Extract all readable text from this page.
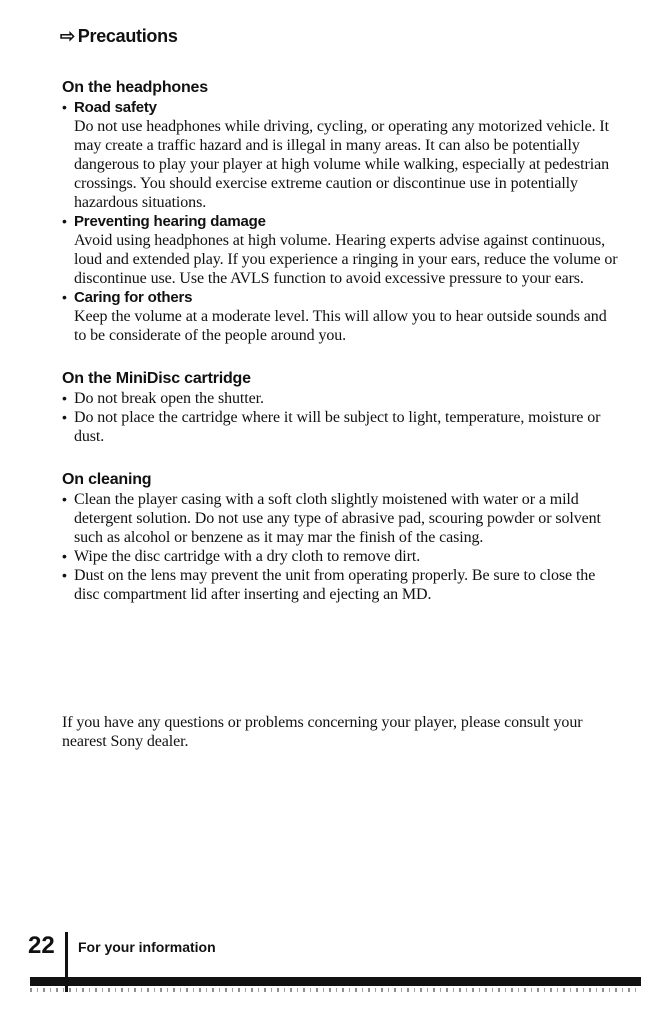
⇨ Precautions
On the headphones
• Road safety
Do not use headphones while driving, cycling, or operating any motorized vehicle. It may create a traffic hazard and is illegal in many areas. It can also be potentially dangerous to play your player at high volume while walking, especially at pedestrian crossings. You should exercise extreme caution or discontinue use in potentially hazardous situations.
• Preventing hearing damage
Avoid using headphones at high volume. Hearing experts advise against continuous, loud and extended play. If you experience a ringing in your ears, reduce the volume or discontinue use. Use the AVLS function to avoid excessive pressure to your ears.
• Caring for others
Keep the volume at a moderate level. This will allow you to hear outside sounds and to be considerate of the people around you.
On the MiniDisc cartridge
• Do not break open the shutter.
• Do not place the cartridge where it will be subject to light, temperature, moisture or dust.
On cleaning
• Clean the player casing with a soft cloth slightly moistened with water or a mild detergent solution. Do not use any type of abrasive pad, scouring powder or solvent such as alcohol or benzene as it may mar the finish of the casing.
• Wipe the disc cartridge with a dry cloth to remove dirt.
• Dust on the lens may prevent the unit from operating properly. Be sure to close the disc compartment lid after inserting and ejecting an MD.
If you have any questions or problems concerning your player, please consult your nearest Sony dealer.
22 For your information
